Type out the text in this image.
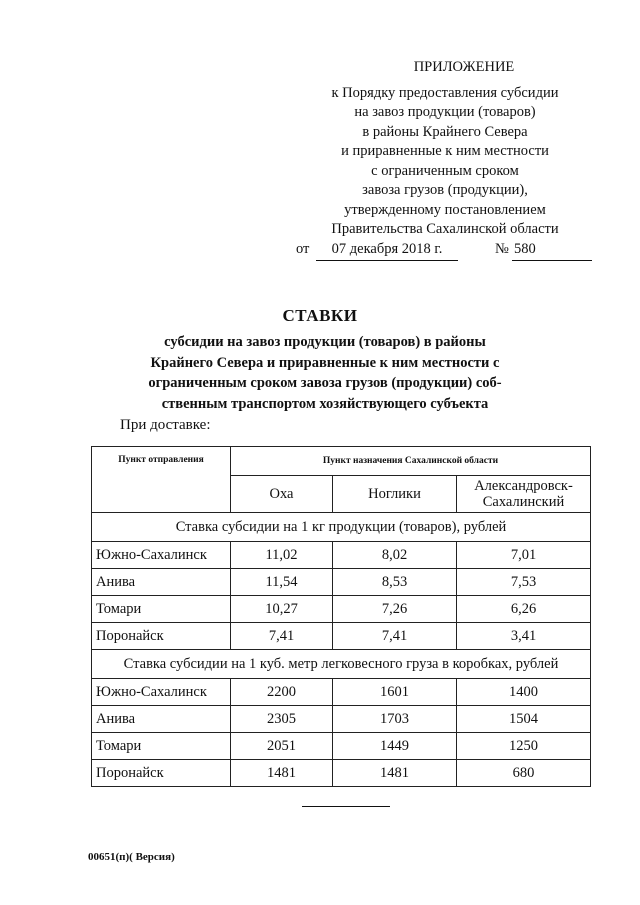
ПРИЛОЖЕНИЕ
к Порядку предоставления субсидии
на завоз продукции (товаров)
в районы Крайнего Севера
и приравненные к ним местности
с ограниченным сроком
завоза грузов (продукции),
утвержденному постановлением
Правительства Сахалинской области
от	07 декабря 2018 г.	№ 580
СТАВКИ
субсидии на завоз продукции (товаров) в районы
Крайнего Севера и приравненные к ним местности с
ограниченным сроком завоза грузов (продукции) соб-
ственным транспортом хозяйствующего субъекта
При доставке:
Пункт отправления	Пункт назначения Сахалинской области		
	Оха	Ноглики	Александровск-Сахалинский
Ставка субсидии на 1 кг продукции (товаров), рублей			
Южно-Сахалинск	11,02	8,02	7,01
Анива	11,54	8,53	7,53
Томари	10,27	7,26	6,26
Поронайск	7,41	7,41	3,41
Ставка субсидии на 1 куб. метр легковесного груза в коробках, рублей			
Южно-Сахалинск	2200	1601	1400
Анива	2305	1703	1504
Томари	2051	1449	1250
Поронайск	1481	1481	680
00651(п)( Версия)
